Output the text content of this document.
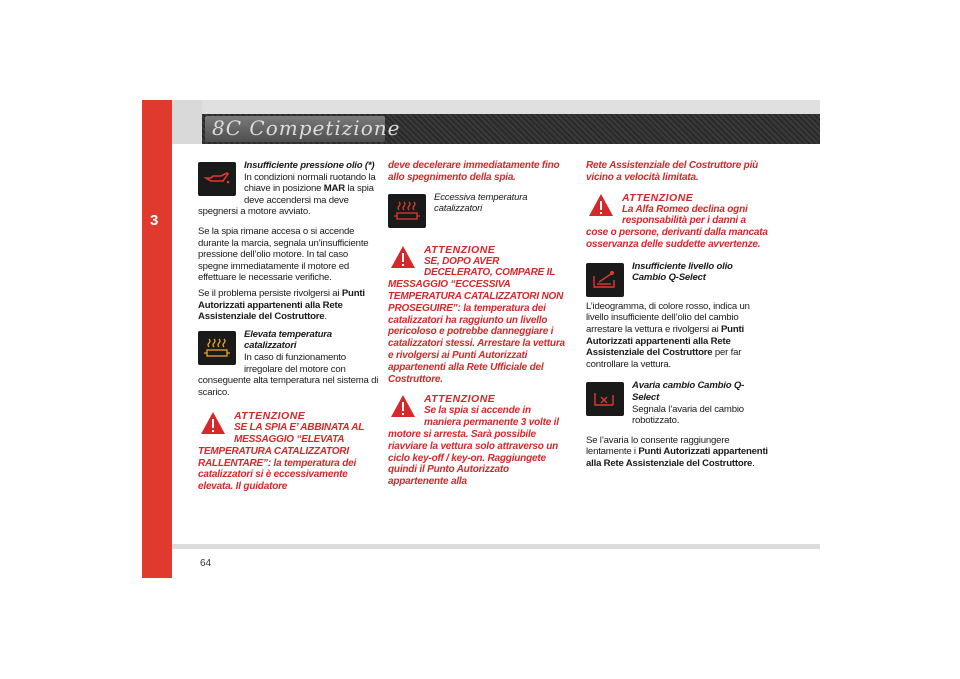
3
8C Competizione
Insufficiente pressione olio (*)
In condizioni normali ruotando la chiave in posizione MAR la spia deve accendersi ma deve spegnersi a motore avviato.
Se la spia rimane accesa o si accende durante la marcia, segnala un’insufficiente pressione dell’olio motore. In tal caso spegne immediatamente il motore ed effettuare le necessarie verifiche.
Se il problema persiste rivolgersi ai Punti Autorizzati appartenenti alla Rete Assistenziale del Costruttore.
Elevata temperatura catalizzatori
In caso di funzionamento irregolare del motore con conseguente alta temperatura nel sistema di scarico.
ATTENZIONE
SE LA SPIA E’ ABBINATA AL MESSAGGIO “ELEVATA TEMPERATURA CATALIZZATORI RALLENTARE”: la temperatura dei catalizzatori si è eccessivamente elevata. Il guidatore
deve decelerare immediatamente fino allo spegnimento della spia.
Eccessiva temperatura catalizzatori
ATTENZIONE
SE, DOPO AVER DECELERATO, COMPARE IL MESSAGGIO “ECCESSIVA TEMPERATURA CATALIZZATORI NON PROSEGUIRE”: la temperatura dei catalizzatori ha raggiunto un livello pericoloso e potrebbe danneggiare i catalizzatori stessi. Arrestare la vettura e rivolgersi ai Punti Autorizzati appartenenti alla Rete Ufficiale del Costruttore.
ATTENZIONE
Se la spia si accende in maniera permanente 3 volte il motore si arresta. Sarà possibile riavviare la vettura solo attraverso un ciclo key-off / key-on. Raggiungete quindi il Punto Autorizzato appartenente alla
Rete Assistenziale del Costruttore più vicino a velocità limitata.
ATTENZIONE
La Alfa Romeo declina ogni responsabilità per i danni a cose o persone, derivanti dalla mancata osservanza delle suddette avvertenze.
Insufficiente livello olio Cambio Q-Select
L’ideogramma, di colore rosso, indica un livello insufficiente dell’olio del cambio arrestare la vettura e rivolgersi ai Punti Autorizzati appartenenti alla Rete Assistenziale del Costruttore per far controllare la vettura.
Avaria cambio Cambio Q-Select
Segnala l’avaria del cambio robotizzato.
Se l’avaria lo consente raggiungere lentamente i Punti Autorizzati appartenenti alla Rete Assistenziale del Costruttore.
64
